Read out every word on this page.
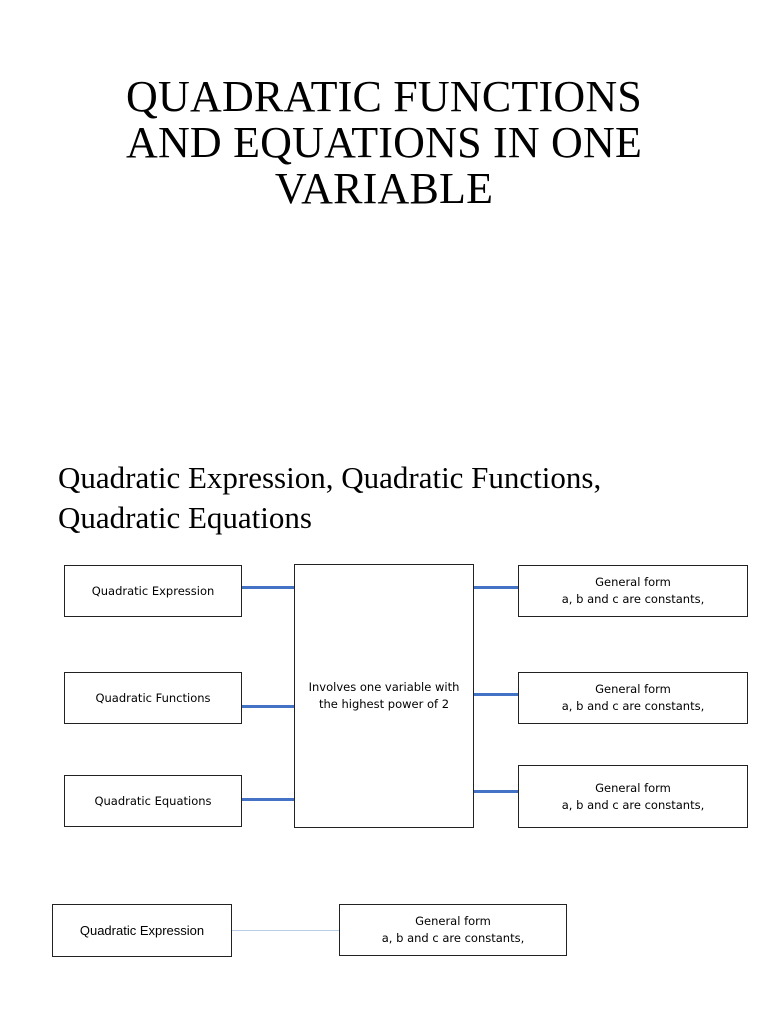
QUADRATIC FUNCTIONS
AND EQUATIONS IN ONE
VARIABLE
Quadratic Expression, Quadratic Functions,
Quadratic Equations
Quadratic Expression
Quadratic Functions
Quadratic Equations
Involves one variable with
the highest power of 2
General form
a, b and c are constants,
General form
a, b and c are constants,
General form
a, b and c are constants,
Quadratic Expression
General form
a, b and c are constants,
